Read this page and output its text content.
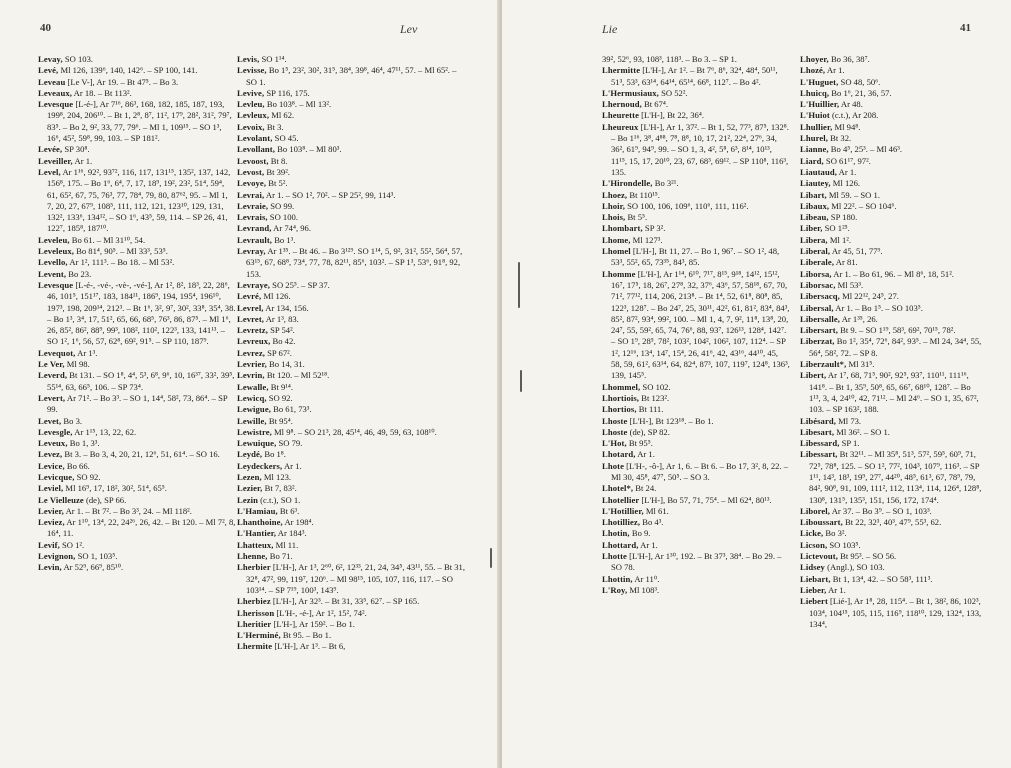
40	Lev
Levay, SO 103.
Levé, Ml 126, 139⁶, 140, 142⁶. – SP 100, 141.
Leveau [Le V-], Ar 19. – Bt 47⁵. – Bo 3.
Leveaux, Ar 18. – Bt 113².
Levesque [L-é-], Ar 7¹⁶, 86³, 168, 182, 185, 187, 193, 199⁸, 204, 206¹⁰. – Bt 1, 2⁸, 8⁷, 11², 17⁹, 28², 31², 79⁷, 83⁵. – Bo 2, 9², 33, 77, 79⁶. – Ml 1, 109¹⁵. – SO 1³, 16⁶, 45², 59⁸, 99, 103. – SP 181².
Levée, SP 30⁸.
Leveiller, Ar 1.
Level, Ar 1¹⁶, 92², 93⁷², 116, 117, 131¹⁵, 135², 137, 142, 156⁸, 175. – Bo 1⁶, 6⁴, 7, 17, 18⁹, 19², 23², 51⁴, 59⁴, 61, 65², 67, 75, 76³, 77, 78⁴, 79, 80, 87⁶², 95. – Ml 1, 7, 20, 27, 67⁹, 108⁵, 111, 112, 121, 123¹⁰, 129, 131, 132², 133⁶, 134¹², – SO 1⁶, 43⁵, 59, 114. – SP 26, 41, 122⁷, 185⁸, 187¹⁰.
Leveleu, Bo 61. – Ml 31¹⁰, 54.
Leveleux, Bo 81⁴, 90⁵. – Ml 33³, 53⁵.
Levello, Ar 1², 111³. – Bo 18. – Ml 53².
Levent, Bo 23.
Levesque [L-é-, -vé-, -vè-, -vé-], Ar 1², 8², 18³, 22, 28⁶, 46, 101⁵, 151¹⁷, 183, 184¹¹, 186⁹, 194, 195⁴, 196¹⁰, 197³, 198, 209¹⁴, 212³. – Bt 1⁶, 3², 9⁷, 30², 33⁸, 35⁴, 38. – Bo 1³, 3⁴, 17, 51², 65, 66, 68⁵, 76³, 86, 87⁵. – Ml 1⁶, 26, 85², 86², 88⁹, 99³, 108², 110², 122³, 133, 141¹³. – SO 1², 1⁶, 56, 57, 62⁸, 69², 91⁵. – SP 110, 187⁹.
Levequot, Ar 1³.
Le Ver, Ml 98.
Leverd, Bt 131. – SO 1⁸, 4⁴, 5³, 6⁸, 9⁶, 10, 16³⁷, 33², 39⁵, 55¹⁴, 63, 66⁵, 106. – SP 73⁴.
Levert, Ar 71². – Bo 3³. – SO 1, 14⁴, 58², 73, 86⁴. – SP 99.
Levet, Bo 3.
Levesgle, Ar 1¹⁵, 13, 22, 62.
Leveux, Bo 1, 3³.
Levez, Bt 3. – Bo 3, 4, 20, 21, 12⁶, 51, 61⁴. – SO 16.
Levice, Bo 66.
Levicque, SO 92.
Leviel, Ml 16⁹, 17, 18², 30², 51⁴, 65⁵.
Le Vielleuze (de), SP 66.
Levier, Ar 1. – Bt 7². – Bo 3³, 24. – Ml 118².
Leviez, Ar 1¹⁰, 13⁴, 22, 24²⁶, 26, 42. – Bt 120. – Ml 7², 8, 16⁴, 11.
Levif, SO 1².
Levignon, SO 1, 103⁵.
Levin, Ar 52⁹, 66⁹, 85¹⁰.
Levis, SO 1¹⁴.
Levisse, Bo 1⁵, 23², 30², 31⁵, 38⁴, 39⁸, 46⁴, 47¹¹, 57. – Ml 65². – SO 1.
Levive, SP 116, 175.
Levleu, Bo 103⁸. – Ml 13².
Levleux, Ml 62.
Levoix, Bt 3.
Levolant, SO 45.
Levollant, Bo 103⁸. – Ml 80³.
Levoost, Bt 8.
Levost, Bt 39².
Levoye, Bt 5².
Levrai, Ar 1. – SO 1², 70². – SP 25², 99, 114³.
Levraie, SO 99.
Levrais, SO 100.
Levrand, Ar 74⁴, 96.
Levrault, Bo 1³.
Levray, Ar 1³⁵. – Bt 46. – Bo 3¹²⁹. SO 1¹⁴, 5, 9², 31², 55², 56⁴, 57, 63¹⁵, 67, 68⁸, 73⁴, 77, 78, 82¹¹, 85⁶, 103². – SP 1³, 53⁶, 91⁸, 92, 153.
Levraye, SO 25⁵. – SP 37.
Levré, Ml 126.
Levrel, Ar 134, 156.
Levret, Ar 1³, 83.
Levretz, SP 54².
Levreux, Bo 42.
Levrez, SP 67².
Levrier, Bo 14, 31.
Levrin, Bt 120. – Ml 52¹⁸.
Lewalle, Bt 9¹⁴.
Lewicq, SO 92.
Lewigue, Bo 61, 73³.
Lewille, Bt 95⁴.
Lewistre, Ml 9⁸. – SO 21³, 28, 45¹⁴, 46, 49, 59, 63, 108¹⁰.
Lewuique, SO 79.
Leydé, Bo 1⁸.
Leydeckers, Ar 1.
Lezen, Ml 123.
Lezier, Bt 7, 83².
Lezin (c.t.), SO 1.
L'Hamiau, Bt 6³.
Lhanthoine, Ar 198⁴.
L'Hantier, Ar 184³.
Lhatteux, Ml 11.
Lhenne, Bo 71.
Lherbier [L'H-], Ar 1³, 2⁶⁰, 6², 12³³, 21, 24, 34⁵, 43¹¹, 55. – Bt 31, 32⁸, 47², 99, 119⁷, 120⁶. – Ml 98¹⁵, 105, 107, 116, 117. – SO 103¹⁴. – SP 7¹⁹, 100³, 143⁹.
Lherbiez [L'H-], Ar 32³. – Bt 31, 33⁵, 62⁷. – SP 165.
Lherisson [L'H-, -é-], Ar 1², 15², 74².
Lheritier [L'H-], Ar 159². – Bo 1.
L'Herminé, Bt 95. – Bo 1.
Lhermite [L'H-], Ar 1³. – Bt 6,
Lie	41
39², 52⁶, 93, 108³, 118³. – Bo 3. – SP 1.
Lhermitte [L'H-], Ar 1². – Bt 7⁶, 8⁶, 32⁴, 48⁴, 50¹¹, 51³, 53³, 63¹⁴, 64¹⁴, 65¹⁴, 66⁸, 112⁷. – Bo 4².
L'Hermusiaux, SO 52².
Lhernoud, Bt 67⁴.
Lheurette [L'H-], Bt 22, 36⁴.
Lheureux [L'H-], Ar 1, 37². – Bt 1, 52, 77³, 87⁵, 132⁸. – Bo 1¹⁶, 3⁸, 4⁸⁸, 7⁸, 8⁸, 10, 17, 21², 22⁴, 27⁶, 34, 36², 61⁹, 94⁹, 99. – SO 1, 3, 4², 5⁸, 6³, 8¹⁴, 10¹³, 11¹⁵, 15, 17, 20¹⁰, 23, 67, 68³, 69¹². – SP 110⁸, 116³, 135.
L'Hirondelle, Bo 3²¹.
Lhoez, Bt 110¹⁵.
Lhoir, SO 100, 106, 109⁶, 110⁶, 111, 116².
Lhois, Bt 5⁵.
Lhombart, SP 3².
Lhome, Ml 127³.
Lhomel [L'H-], Bt 11, 27. – Bo 1, 96⁷. – SO 1², 48, 53³, 55², 65, 73³⁵, 84³, 85.
Lhomme [L'H-], Ar 1¹⁴, 6¹⁰, 7¹⁷, 8¹⁵, 9¹⁸, 14¹², 15¹², 16⁷, 17⁵, 18, 26⁷, 27⁸, 32, 37⁶, 43⁶, 57, 58¹⁸, 67, 70, 71², 77¹², 114, 206, 213⁸. – Bt 1⁴, 52, 61⁸, 80⁸, 85, 122³, 128⁷. – Bo 24⁷, 25, 30¹¹, 42², 61, 81², 83⁴, 84³, 85², 87², 93⁴, 99², 100. – Ml 1, 4, 7, 9², 11⁸, 13⁸, 20, 24⁷, 55, 59², 65, 74, 76⁶, 88, 93⁷, 126¹³, 128⁴, 142⁷. – SO 1⁹, 28⁵, 78², 103², 104², 106², 107, 112⁴. – SP 1², 12¹⁶, 13⁴, 14⁷, 15⁴, 26, 41⁶, 42, 43¹⁶, 44¹⁰, 45, 58, 59, 61², 63¹⁴, 64, 82⁴, 87³, 107, 119⁷, 124⁸, 136³, 139, 145⁵.
Lhommel, SO 102.
Lhortiois, Bt 123².
Lhortios, Bt 111.
Lhoste [L'H-], Bt 123¹⁸. – Bo 1.
Lhoste (de), SP 82.
L'Hot, Bt 95⁵.
Lhotard, Ar 1.
Lhote [L'H-, -ô-], Ar 1, 6. – Bt 6. – Bo 17, 3², 8, 22. – Ml 30, 45⁸, 47⁷, 50⁵. – SO 3.
Lhotel*, Bt 24.
Lhotellier [L'H-], Bo 57, 71, 75⁴. – Ml 62⁴, 80¹³.
L'Hotillier, Ml 61.
Lhotilliez, Bo 4³.
Lhotin, Bo 9.
Lhottard, Ar 1.
Lhotte [L'H-], Ar 1³⁰, 192. – Bt 37³, 38⁴. – Bo 29. – SO 78.
Lhottin, Ar 11⁰.
L'Roy, Ml 108³.
Lhoyer, Bo 36, 38⁷.
Lhozé, Ar 1.
L'Huguet, SO 48, 50⁶.
Lhuicq, Bo 1⁶, 21, 36, 57.
L'Huillier, Ar 48.
L'Huiot (c.t.), Ar 208.
Lhullier, Ml 94⁸.
Lhurel, Bt 32.
Lianne, Bo 4⁵, 25³. – Ml 46³.
Liard, SO 61¹⁷, 97².
Liautaud, Ar 1.
Liautey, Ml 126.
Libart, Ml 59. – SO 1.
Libaux, Ml 22². – SO 104⁶.
Libeau, SP 180.
Liber, SO 1²⁵.
Libera, Ml 1².
Liberal, Ar 45, 51, 77⁹.
Liberale, Ar 81.
Liborsa, Ar 1. – Bo 61, 96. – Ml 8⁶, 18, 51².
Liborsac, Ml 53³.
Libersacq, Ml 22¹², 24⁵, 27.
Libersal, Ar 1. – Bo 1⁵. – SO 103⁵.
Libersalle, Ar 1³⁵, 26.
Libersart, Bt 9. – SO 1¹⁹, 58³, 69², 70¹⁵, 78².
Liberzat, Bo 1², 35⁴, 72⁶, 84², 93⁵. – Ml 24, 34⁴, 55, 56⁴, 58², 72. – SP 8.
Liberzault*, Ml 31⁵.
Libert, Ar 1⁷, 68, 71⁵, 90², 92⁵, 93⁷, 110¹¹, 111¹⁶, 141⁸. – Bt 1, 35⁹, 50⁸, 65, 66⁷, 68¹⁰, 128⁷. – Bo 1¹³, 3, 4, 24¹⁰, 42, 71¹². – Ml 24⁶. – SO 1, 35, 67², 103. – SP 163², 188.
Libésard, Ml 73.
Libesart, Ml 36². – SO 1.
Libessard, SP 1.
Libessart, Bt 32¹¹. – Ml 35⁸, 51³, 57², 59⁵, 60⁹, 71, 72⁵, 78⁸, 125. – SO 1², 77², 104³, 107⁹, 116³. – SP 1¹¹, 14³, 18³, 19⁹, 27⁷, 44²⁰, 48⁵, 61³, 67, 78⁹, 79, 84², 90⁸, 91, 109, 111², 112, 113⁴, 114, 126⁴, 128⁸, 130⁸, 131⁵, 135³, 151, 156, 172, 174⁴.
Liborel, Ar 37. – Bo 3⁹. – SO 1, 103³.
Liboussart, Bt 22, 32³, 40³, 47⁹, 55³, 62.
Licke, Bo 3².
Licson, SO 103⁵.
Lictevout, Bt 95³. – SO 56.
Lidsey (Angl.), SO 103.
Liebart, Bt 1, 13⁴, 42. – SO 58³, 111³.
Lieber, Ar 1.
Liebert [Lié-], Ar 1⁸, 28, 115⁴. – Bt 1, 38², 86, 102³, 103⁴, 104¹⁵, 105, 115, 116⁹, 118¹⁰, 129, 132⁴, 133, 134⁴,
